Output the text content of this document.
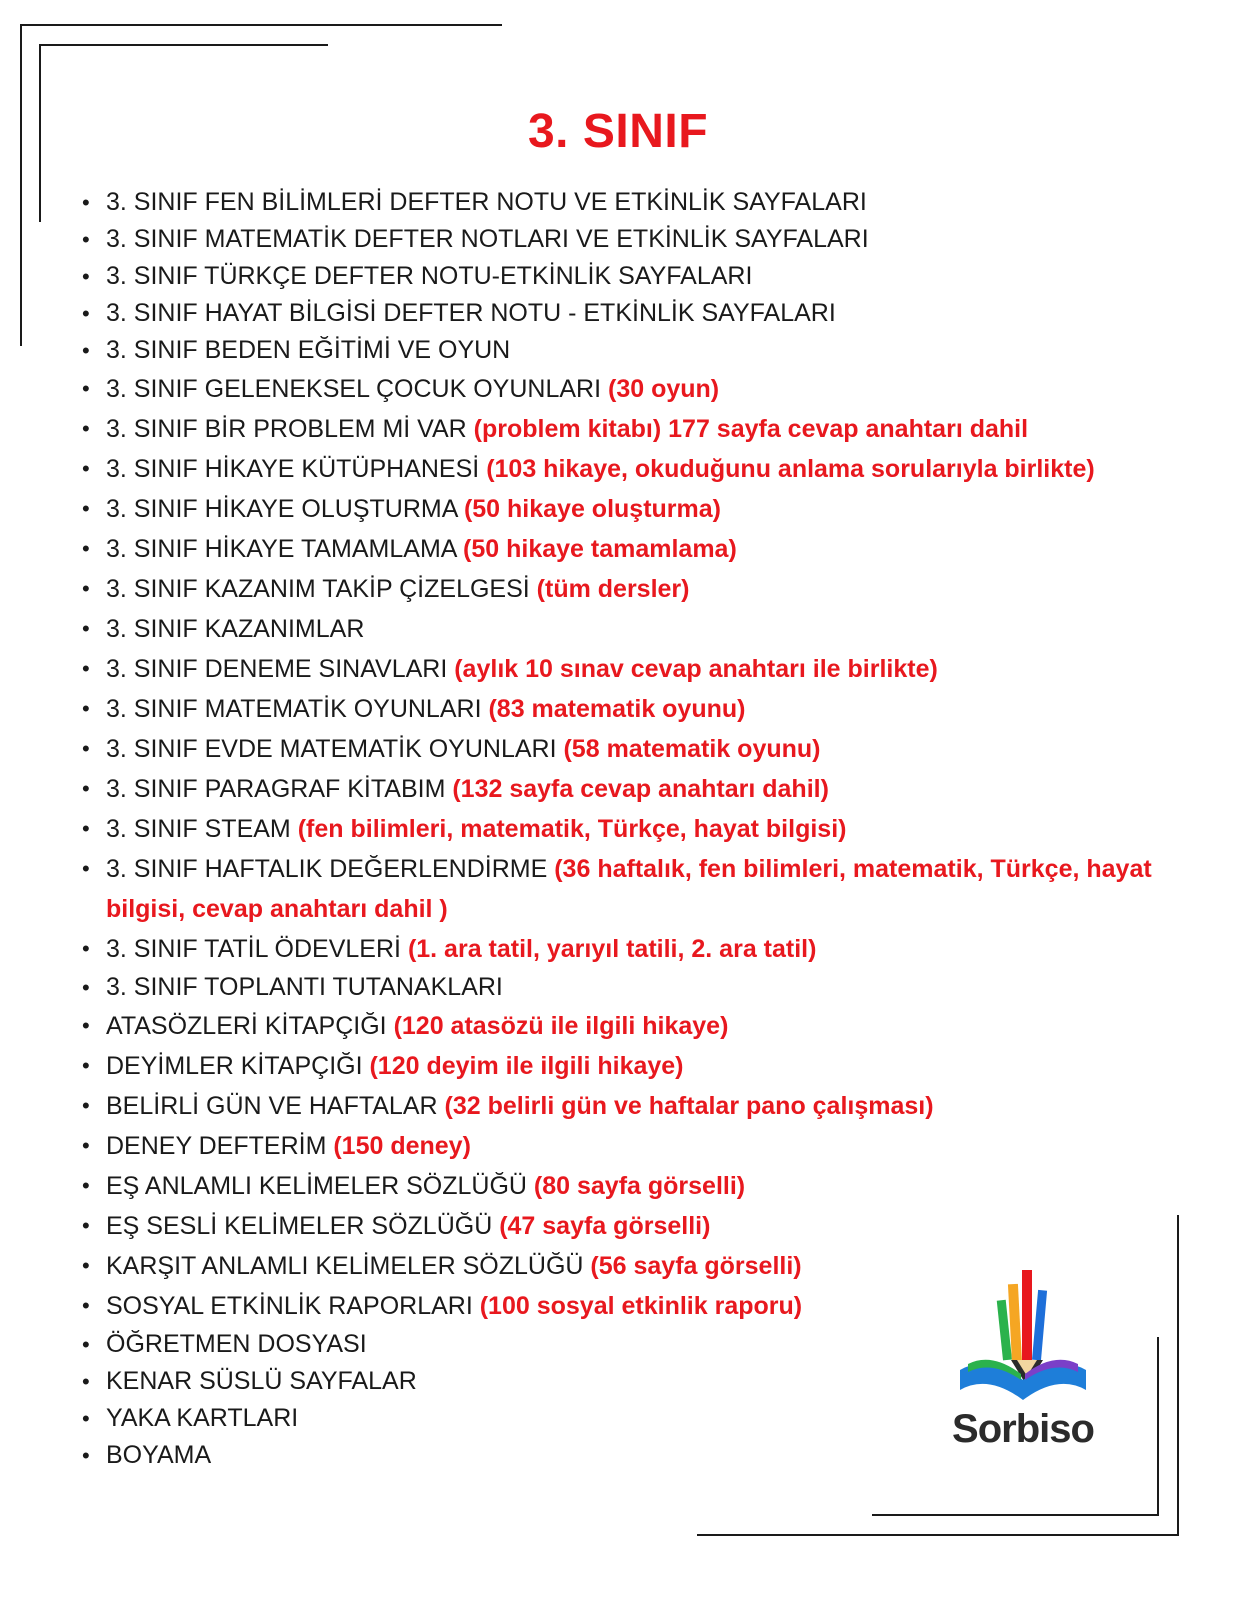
3. SINIF
• 3. SINIF FEN BİLİMLERİ DEFTER NOTU VE ETKİNLİK SAYFALARI
• 3. SINIF MATEMATİK DEFTER NOTLARI VE ETKİNLİK SAYFALARI
• 3. SINIF TÜRKÇE DEFTER NOTU-ETKİNLİK SAYFALARI
• 3. SINIF HAYAT BİLGİSİ DEFTER NOTU - ETKİNLİK SAYFALARI
• 3. SINIF BEDEN EĞİTİMİ VE OYUN
• 3. SINIF GELENEKSEL ÇOCUK OYUNLARI (30 oyun)
• 3. SINIF BİR PROBLEM Mİ VAR (problem kitabı) 177 sayfa cevap anahtarı dahil
• 3. SINIF HİKAYE KÜTÜPHANESİ (103 hikaye, okuduğunu anlama sorularıyla birlikte)
• 3. SINIF HİKAYE OLUŞTURMA (50 hikaye oluşturma)
• 3. SINIF HİKAYE TAMAMLAMA (50 hikaye tamamlama)
• 3. SINIF KAZANIM TAKİP ÇİZELGESİ (tüm dersler)
• 3. SINIF KAZANIMLAR
• 3. SINIF DENEME SINAVLARI (aylık 10 sınav cevap anahtarı ile birlikte)
• 3. SINIF MATEMATİK OYUNLARI (83 matematik oyunu)
• 3. SINIF EVDE MATEMATİK OYUNLARI (58 matematik oyunu)
• 3. SINIF PARAGRAF KİTABIM (132 sayfa cevap anahtarı dahil)
• 3. SINIF STEAM (fen bilimleri, matematik, Türkçe, hayat bilgisi)
• 3. SINIF HAFTALIK DEĞERLENDİRME (36 haftalık, fen bilimleri, matematik, Türkçe, hayat bilgisi, cevap anahtarı dahil )
• 3. SINIF TATİL ÖDEVLERİ (1. ara tatil, yarıyıl tatili, 2. ara tatil)
• 3. SINIF TOPLANTI TUTANAKLARI
• ATASÖZLERİ KİTAPÇIĞI (120 atasözü ile ilgili hikaye)
• DEYİMLER KİTAPÇIĞI (120 deyim ile ilgili hikaye)
• BELİRLİ GÜN VE HAFTALAR (32 belirli gün ve haftalar pano çalışması)
• DENEY DEFTERİM (150 deney)
• EŞ ANLAMLI KELİMELER SÖZLÜĞÜ (80 sayfa görselli)
• EŞ SESLİ KELİMELER SÖZLÜĞÜ (47 sayfa görselli)
• KARŞIT ANLAMLI KELİMELER SÖZLÜĞÜ (56 sayfa görselli)
• SOSYAL ETKİNLİK RAPORLARI (100 sosyal etkinlik raporu)
• ÖĞRETMEN DOSYASI
• KENAR SÜSLÜ SAYFALAR
• YAKA KARTLARI
• BOYAMA
Sorbiso
